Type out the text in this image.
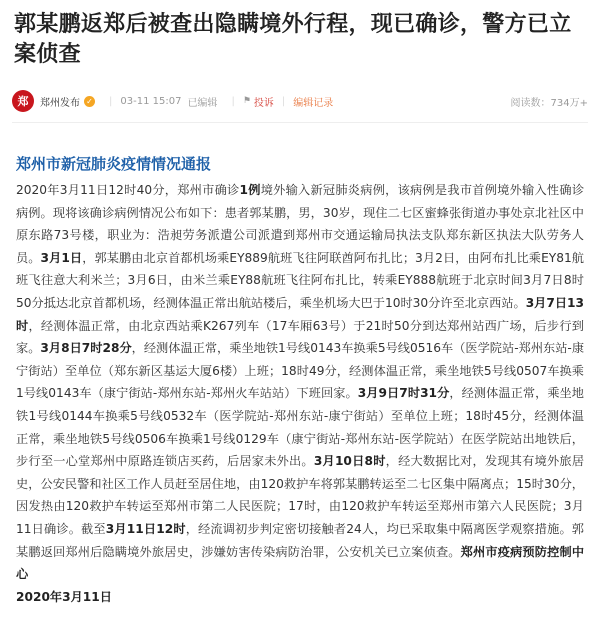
郭某鹏返郑后被查出隐瞒境外行程，现已确诊，警方已立案侦查
郑	郑州发布 ✓ | 03-11 15:07 已编辑 | ⚑ 投诉 | 编辑记录	阅读数：734万+
郑州市新冠肺炎疫情情况通报

2020年3月11日12时40分，郑州市确诊1例境外输入新冠肺炎病例，该病例是我市首例境外输入性确诊病例。现将该确诊病例情况公布如下：患者郭某鹏，男，30岁，现住二七区蜜蜂张街道办事处京北社区中原东路73号楼，职业为：浩昶劳务派遣公司派遣到郑州市交通运输局执法支队郑东新区执法大队劳务人员。3月1日，郭某鹏由北京首都机场乘EY889航班飞往阿联酋阿布扎比；3月2日，由阿布扎比乘EY81航班飞往意大利米兰；3月6日，由米兰乘EY88航班飞往阿布扎比，转乘EY888航班于北京时间3月7日8时50分抵达北京首都机场，经测体温正常出航站楼后，乘坐机场大巴于10时30分许至北京西站。3月7日13时，经测体温正常，由北京西站乘K267列车（17车厢63号）于21时50分到达郑州站西广场，后步行到家。3月8日7时28分，经测体温正常，乘坐地铁1号线0143车换乘5号线0516车（医学院站-郑州东站-康宁街站）至单位（郑东新区基运大厦6楼）上班；18时49分，经测体温正常，乘坐地铁5号线0507车换乘1号线0143车（康宁街站-郑州东站-郑州火车站站）下班回家。3月9日7时31分，经测体温正常，乘坐地铁1号线0144车换乘5号线0532车（医学院站-郑州东站-康宁街站）至单位上班；18时45分，经测体温正常，乘坐地铁5号线0506车换乘1号线0129车（康宁街站-郑州东站-医学院站）在医学院站出地铁后，步行至一心堂郑州中原路连锁店买药，后居家未外出。3月10日8时，经大数据比对，发现其有境外旅居史，公安民警和社区工作人员赶至居住地，由120救护车将郭某鹏转运至二七区集中隔离点；15时30分，因发热由120救护车转运至郑州市第二人民医院；17时，由120救护车转运至郑州市第六人民医院；3月11日确诊。截至3月11日12时，经流调初步判定密切接触者24人，均已采取集中隔离医学观察措施。郭某鹏返回郑州后隐瞒境外旅居史，涉嫌妨害传染病防治罪，公安机关已立案侦查。郑州市疫病预防控制中心

2020年3月11日
